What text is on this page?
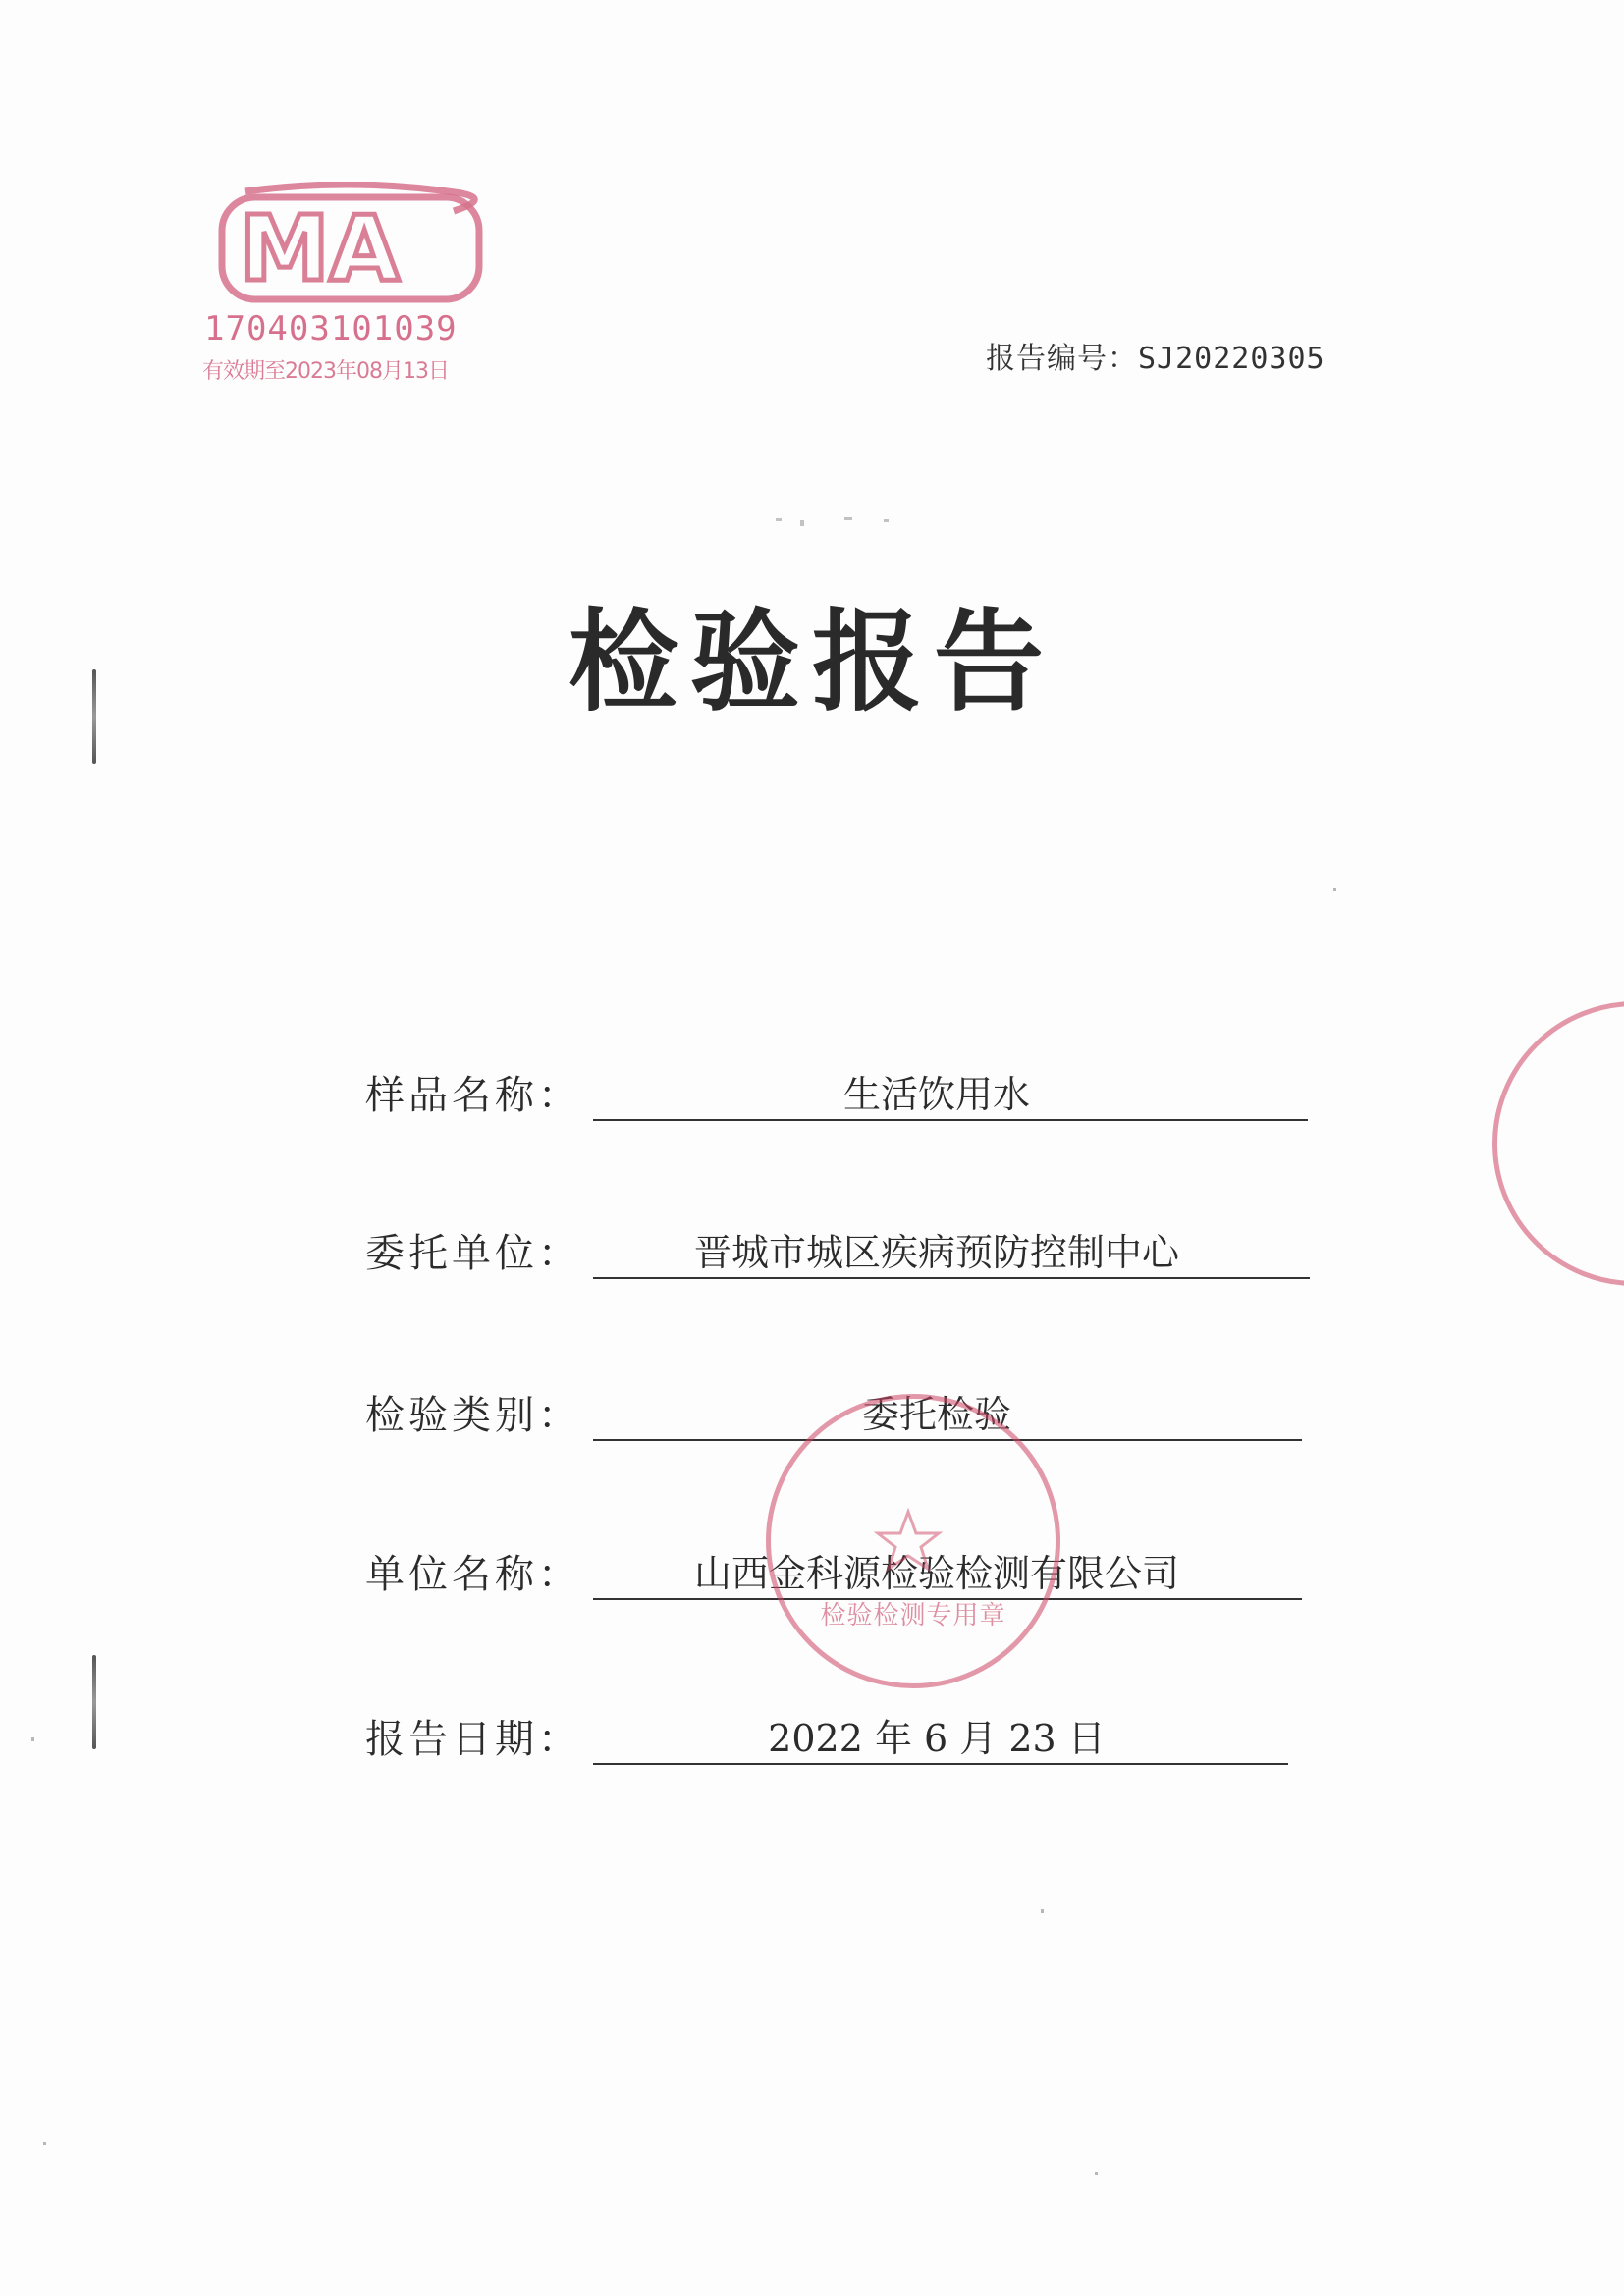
MA
170403101039
有效期至2023年08月13日	报告编号：SJ20220305
检验报告
样品名称：	生活饮用水
委托单位：	晋城市城区疾病预防控制中心
检验类别：	委托检验
单位名称：	山西金科源检验检测有限公司
报告日期：	2022 年 6 月 23 日
检验检测专用章
